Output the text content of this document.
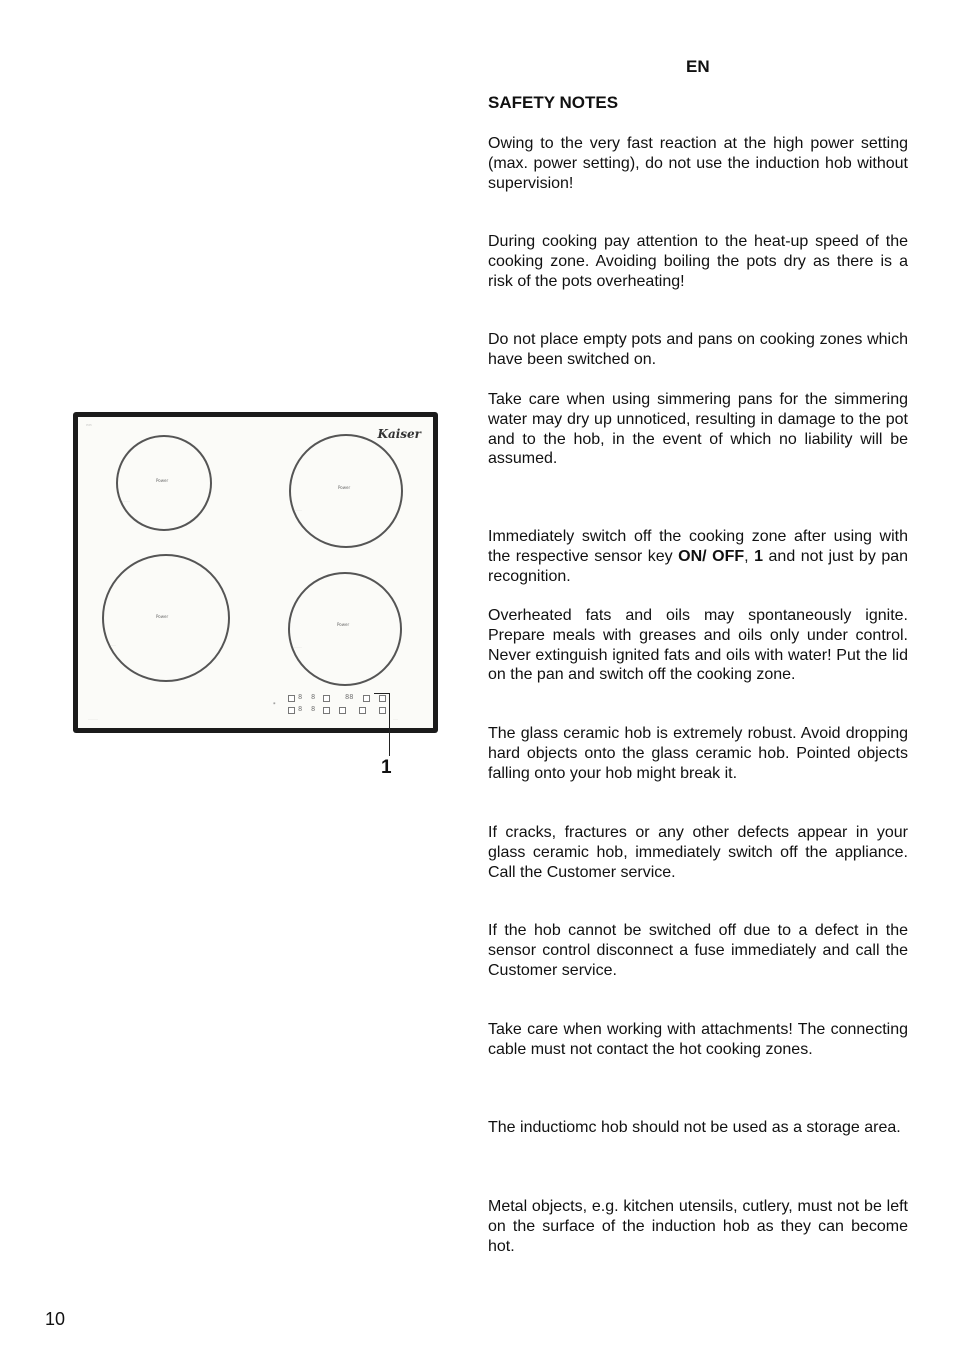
EN
SAFETY NOTES

Owing to the very fast reaction at the high power setting (max. power setting), do not use the induction hob without supervision!

During cooking pay attention to the heat-up speed of the cooking zone. Avoiding boiling the pots dry as there is a risk of the pots overheating!

Do not place empty pots and pans on cooking zones which have been switched on.

Take care when using simmering pans for the simmering water may dry up unnoticed, resulting in damage to the pot and to the hob, in the event of which no liability will be assumed.

Immediately switch off the cooking zone after using with the respective sensor key ON/ OFF, 1 and not just by pan recognition.

Overheated fats and oils may spontaneously ignite. Prepare meals with greases and oils only under control. Never extinguish ignited fats and oils with water! Put the lid on the pan and switch off the cooking zone.

The glass ceramic hob is extremely robust. Avoid dropping hard objects onto the glass ceramic hob. Pointed objects falling onto your hob might break it.

If cracks, fractures or any other defects appear in your glass ceramic hob, immediately switch off the appliance. Call the Customer service.

If the hob cannot be switched off due to a defect in the sensor control disconnect a fuse immediately and call the Customer service.

Take care when working with attachments! The connecting cable must not contact the hot cooking zones.

The inductiomc hob should not be used as a storage area.

Metal objects, e.g. kitchen utensils, cutlery, must not be left on the surface of the induction hob as they can become hot.

Kaiser
▭▭
Power
········
Power
········
Power
········
Power
········
8 8	88
8 8
◉
··········	·····
1
10
